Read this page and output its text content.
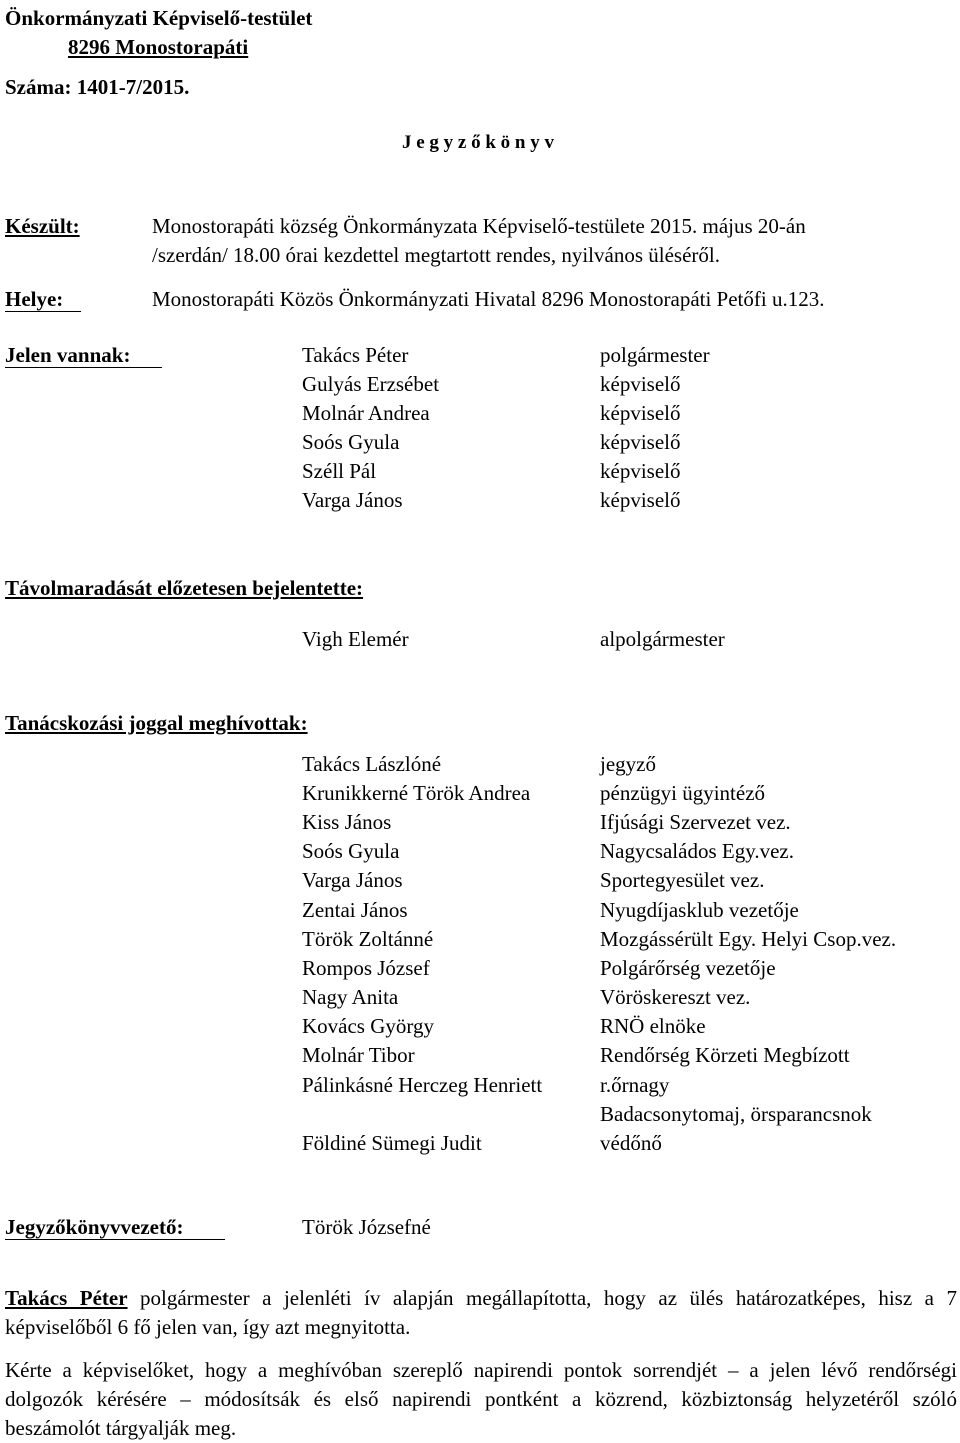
Önkormányzati Képviselő-testület
8296 Monostorapáti
Száma: 1401-7/2015.
J e g y z ő k ö n y v
Készült:	Monostorapáti község Önkormányzata Képviselő-testülete 2015. május 20-án
/szerdán/ 18.00 órai kezdettel megtartott rendes, nyilvános üléséről.
Helye:	Monostorapáti Közös Önkormányzati Hivatal 8296 Monostorapáti Petőfi u.123.
Jelen vannak:	Takács Péter	polgármester
Gulyás Erzsébet	képviselő
Molnár Andrea	képviselő
Soós Gyula	képviselő
Széll Pál	képviselő
Varga János	képviselő
Távolmaradását előzetesen bejelentette:
Vigh Elemér	alpolgármester
Tanácskozási joggal meghívottak:
Takács Lászlóné	jegyző
Krunikkerné Török Andrea	pénzügyi ügyintéző
Kiss János	Ifjúsági Szervezet vez.
Soós Gyula	Nagycsaládos Egy.vez.
Varga János	Sportegyesület vez.
Zentai János	Nyugdíjasklub vezetője
Török Zoltánné	Mozgássérült Egy. Helyi Csop.vez.
Rompos József	Polgárőrség vezetője
Nagy Anita	Vöröskereszt vez.
Kovács György	RNÖ elnöke
Molnár Tibor	Rendőrség Körzeti Megbízott
Pálinkásné Herczeg Henriett	r.őrnagy
Badacsonytomaj, örsparancsnok
Földiné Sümegi Judit	védőnő
Jegyzőkönyvvezető:	Török Józsefné
Takács Péter polgármester a jelenléti ív alapján megállapította, hogy az ülés határozatképes, hisz a 7 képviselőből 6 fő jelen van, így azt megnyitotta.
Kérte a képviselőket, hogy a meghívóban szereplő napirendi pontok sorrendjét – a jelen lévő rendőrségi dolgozók kérésére – módosítsák és első napirendi pontként a közrend, közbiztonság helyzetéről szóló beszámolót tárgyalják meg.
